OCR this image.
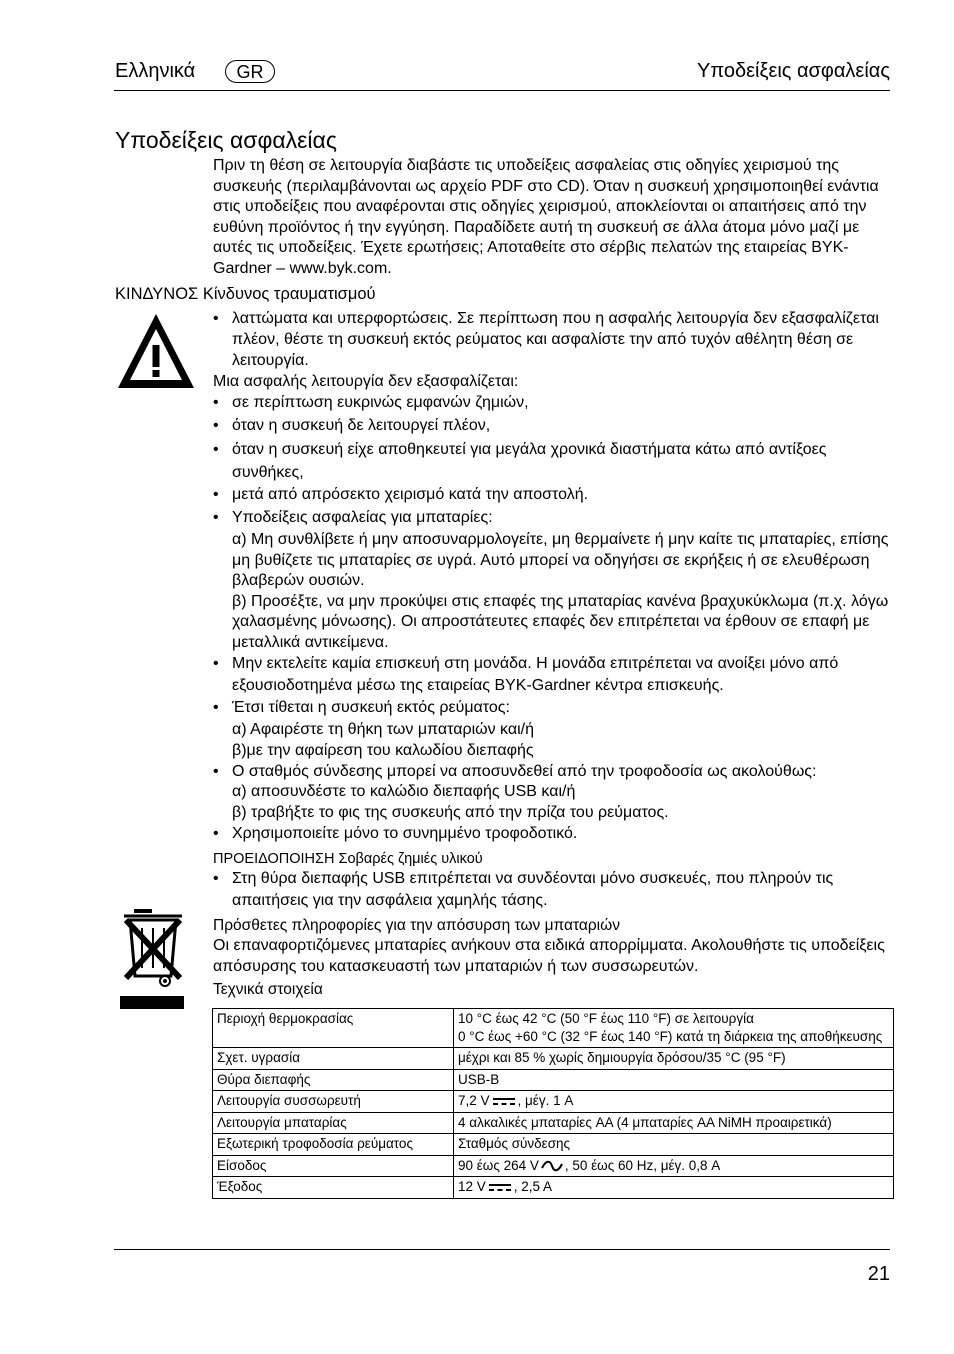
Ελληνικά	GR	Υποδείξεις ασφαλείας
Υποδείξεις ασφαλείας
Πριν τη θέση σε λειτουργία διαβάστε τις υποδείξεις ασφαλείας στις οδηγίες χειρισμού της συσκευής (περιλαμβάνονται ως αρχείο PDF στο CD). Όταν η συσκευή χρησιμοποιηθεί ενάντια στις υποδείξεις που αναφέρονται στις οδηγίες χειρισμού, αποκλείονται οι απαιτήσεις από την ευθύνη προϊόντος ή την εγγύηση. Παραδίδετε αυτή τη συσκευή σε άλλα άτομα μόνο μαζί με αυτές τις υποδείξεις. Έχετε ερωτήσεις; Αποταθείτε στο σέρβις πελατών της εταιρείας BYK-Gardner – www.byk.com.
ΚΙΝΔΥΝΟΣ Κίνδυνος τραυματισμού

• λαττώματα και υπερφορτώσεις. Σε περίπτωση που η ασφαλής λειτουργία δεν εξασφαλίζεται πλέον, θέστε τη συσκευή εκτός ρεύματος και ασφαλίστε την από τυχόν αθέλητη θέση σε λειτουργία.

Μια ασφαλής λειτουργία δεν εξασφαλίζεται:

• σε περίπτωση ευκρινώς εμφανών ζημιών,

• όταν η συσκευή δε λειτουργεί πλέον,

• όταν η συσκευή είχε αποθηκευτεί για μεγάλα χρονικά διαστήματα κάτω από αντίξοες συνθήκες,

• μετά από απρόσεκτο χειρισμό κατά την αποστολή.

• Υποδείξεις ασφαλείας για μπαταρίες:

α) Μη συνθλίβετε ή μην αποσυναρμολογείτε, μη θερμαίνετε ή μην καίτε τις μπαταρίες, επίσης μη βυθίζετε τις μπαταρίες σε υγρά. Αυτό μπορεί να οδηγήσει σε εκρήξεις ή σε ελευθέρωση βλαβερών ουσιών.

β) Προσέξτε, να μην προκύψει στις επαφές της μπαταρίας κανένα βραχυκύκλωμα (π.χ. λόγω χαλασμένης μόνωσης). Οι απροστάτευτες επαφές δεν επιτρέπεται να έρθουν σε επαφή με μεταλλικά αντικείμενα.

• Μην εκτελείτε καμία επισκευή στη μονάδα. Η μονάδα επιτρέπεται να ανοίξει μόνο από εξουσιοδοτημένα μέσω της εταιρείας BYK-Gardner κέντρα επισκευής.

• Έτσι τίθεται η συσκευή εκτός ρεύματος:

α) Αφαιρέστε τη θήκη των μπαταριών και/ή

β)με την αφαίρεση του καλωδίου διεπαφής

• Ο σταθμός σύνδεσης μπορεί να αποσυνδεθεί από την τροφοδοσία ως ακολούθως:

α) αποσυνδέστε το καλώδιο διεπαφής USB και/ή

β) τραβήξτε το φις της συσκευής από την πρίζα του ρεύματος.

• Χρησιμοποιείτε μόνο το συνημμένο τροφοδοτικό.

ΠΡΟΕΙΔΟΠΟΙΗΣΗ Σοβαρές ζημιές υλικού

• Στη θύρα διεπαφής USB επιτρέπεται να συνδέονται μόνο συσκευές, που πληρούν τις απαιτήσεις για την ασφάλεια χαμηλής τάσης.

Πρόσθετες πληροφορίες για την απόσυρση των μπαταριών

Οι επαναφορτιζόμενες μπαταρίες ανήκουν στα ειδικά απορρίμματα. Ακολουθήστε τις υποδείξεις απόσυρσης του κατασκευαστή των μπαταριών ή των συσσωρευτών.

Τεχνικά στοιχεία

Περιοχή θερμοκρασίας	10 °C έως 42 °C (50 °F έως 110 °F) σε λειτουργία
0 °C έως +60 °C (32 °F έως 140 °F) κατά τη διάρκεια της αποθήκευσης

Σχετ. υγρασία	μέχρι και 85 % χωρίς δημιουργία δρόσου/35 °C (95 °F)
Θύρα διεπαφής	USB-B
Λειτουργία συσσωρευτή	7,2 V , μέγ. 1 A
Λειτουργία μπαταρίας	4 αλκαλικές μπαταρίες AA (4 μπαταρίες AA NiMH προαιρετικά)
Εξωτερική τροφοδοσία ρεύματος	Σταθμός σύνδεσης
Είσοδος	90 έως 264 V , 50 έως 60 Hz, μέγ. 0,8 A
Έξοδος	12 V , 2,5 A
21
